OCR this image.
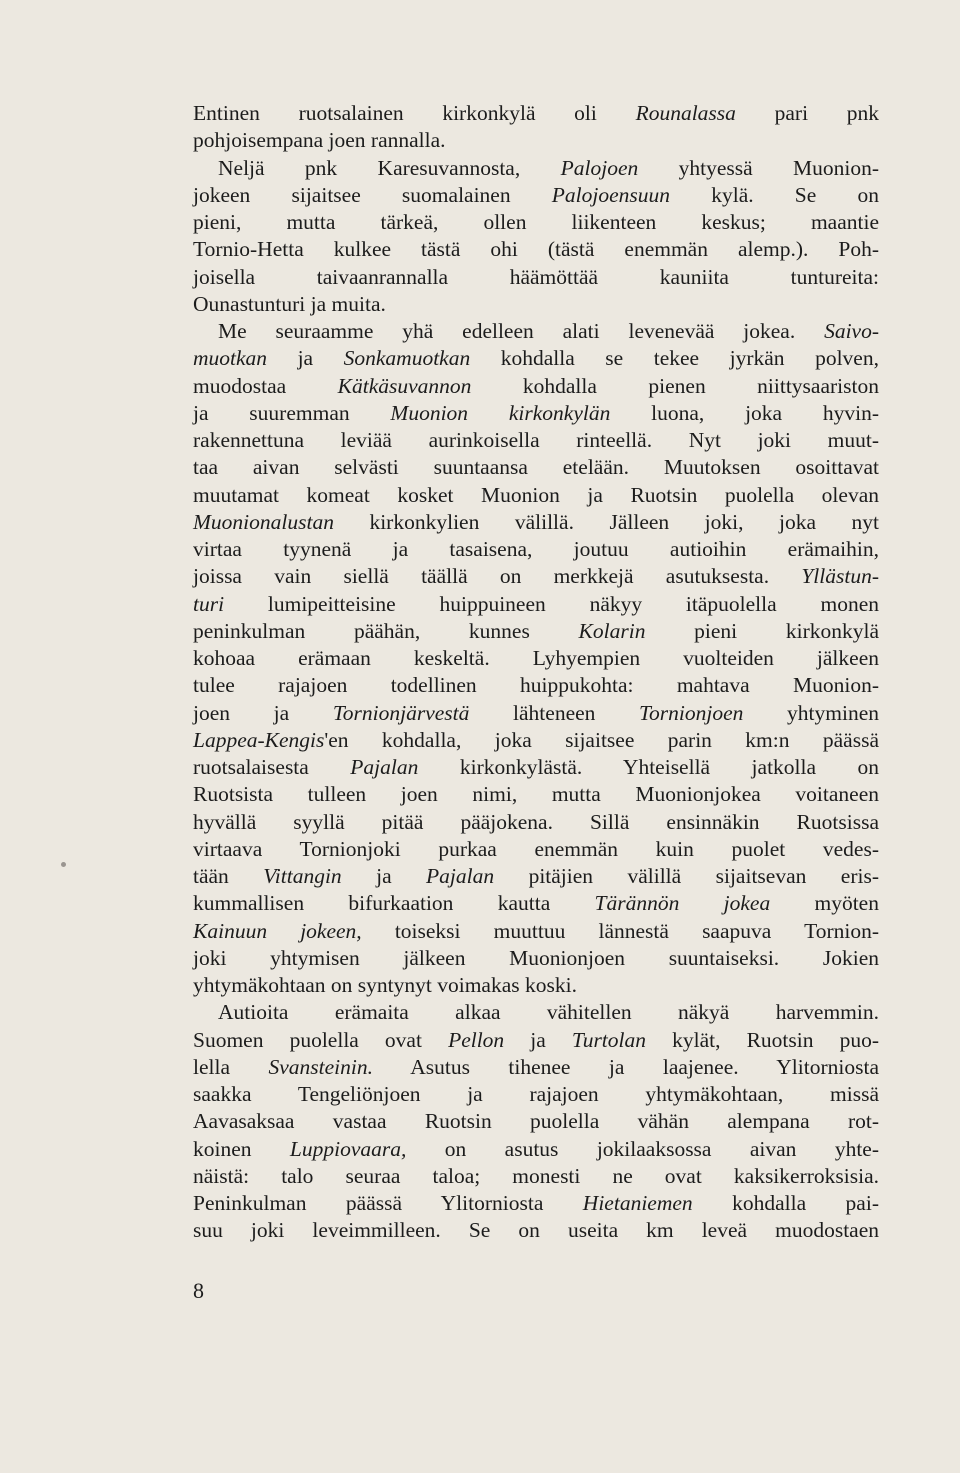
Entinen ruotsalainen kirkonkylä oli Rounalassa pari pnk
pohjoisempana joen rannalla.
Neljä pnk Karesuvannosta, Palojoen yhtyessä Muonion-
jokeen sijaitsee suomalainen Palojoensuun kylä. Se on
pieni, mutta tärkeä, ollen liikenteen keskus; maantie
Tornio-Hetta kulkee tästä ohi (tästä enemmän alemp.). Poh-
joisella taivaanrannalla häämöttää kauniita tuntureita:
Ounastunturi ja muita.
Me seuraamme yhä edelleen alati levenevää jokea. Saivo-
muotkan ja Sonkamuotkan kohdalla se tekee jyrkän polven,
muodostaa Kätkäsuvannon kohdalla pienen niittysaariston
ja suuremman Muonion kirkonkylän luona, joka hyvin-
rakennettuna leviää aurinkoisella rinteellä. Nyt joki muut-
taa aivan selvästi suuntaansa etelään. Muutoksen osoittavat
muutamat komeat kosket Muonion ja Ruotsin puolella olevan
Muonionalustan kirkonkylien välillä. Jälleen joki, joka nyt
virtaa tyynenä ja tasaisena, joutuu autioihin erämaihin,
joissa vain siellä täällä on merkkejä asutuksesta. Yllästun-
turi lumipeitteisine huippuineen näkyy itäpuolella monen
peninkulman päähän, kunnes Kolarin pieni kirkonkylä
kohoaa erämaan keskeltä. Lyhyempien vuolteiden jälkeen
tulee rajajoen todellinen huippukohta: mahtava Muonion-
joen ja Tornionjärvestä lähteneen Tornionjoen yhtyminen
Lappea-Kengis'en kohdalla, joka sijaitsee parin km:n päässä
ruotsalaisesta Pajalan kirkonkylästä. Yhteisellä jatkolla on
Ruotsista tulleen joen nimi, mutta Muonionjokea voitaneen
hyvällä syyllä pitää pääjokena. Sillä ensinnäkin Ruotsissa
virtaava Tornionjoki purkaa enemmän kuin puolet vedes-
tään Vittangin ja Pajalan pitäjien välillä sijaitsevan eris-
kummallisen bifurkaation kautta Tärännön jokea myöten
Kainuun jokeen, toiseksi muuttuu lännestä saapuva Tornion-
joki yhtymisen jälkeen Muonionjoen suuntaiseksi. Jokien
yhtymäkohtaan on syntynyt voimakas koski.
Autioita erämaita alkaa vähitellen näkyä harvemmin.
Suomen puolella ovat Pellon ja Turtolan kylät, Ruotsin puo-
lella Svansteinin. Asutus tihenee ja laajenee. Ylitorniosta
saakka Tengeliönjoen ja rajajoen yhtymäkohtaan, missä
Aavasaksaa vastaa Ruotsin puolella vähän alempana rot-
koinen Luppiovaara, on asutus jokilaaksossa aivan yhte-
näistä: talo seuraa taloa; monesti ne ovat kaksikerroksisia.
Peninkulman päässä Ylitorniosta Hietaniemen kohdalla pai-
suu joki leveimmilleen. Se on useita km leveä muodostaen
8
